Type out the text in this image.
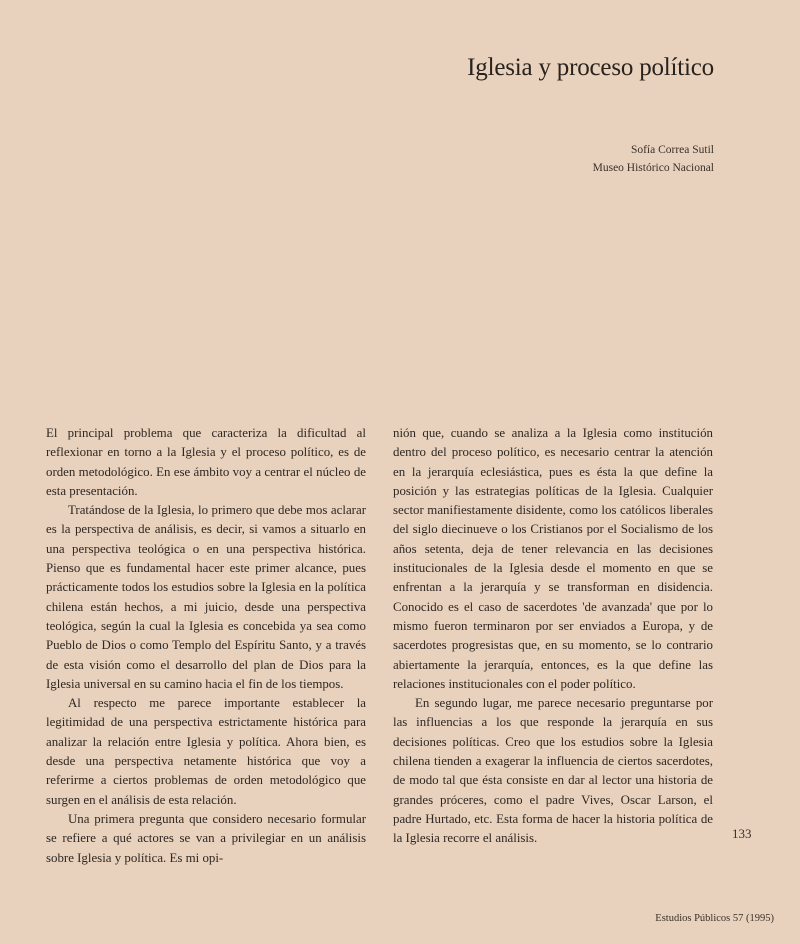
Iglesia y proceso político
Sofía Correa Sutil
Museo Histórico Nacional

El principal problema que caracteriza la dificultad al reflexionar en torno a la Iglesia y el proceso político, es de orden metodológico. En ese ámbito voy a centrar el núcleo de esta presentación.

Tratándose de la Iglesia, lo primero que debe mos aclarar es la perspectiva de análisis, es decir, si vamos a situarlo en una perspectiva teológica o en una perspectiva histórica. Pienso que es fundamental hacer este primer alcance, pues prácticamente todos los estudios sobre la Iglesia en la política chilena están hechos, a mi juicio, desde una perspectiva teológica, según la cual la Iglesia es concebida ya sea como Pueblo de Dios o como Templo del Espíritu Santo, y a través de esta visión como el desarrollo del plan de Dios para la Iglesia universal en su camino hacia el fin de los tiempos.

Al respecto me parece importante establecer la legitimidad de una perspectiva estrictamente histórica para analizar la relación entre Iglesia y política. Ahora bien, es desde una perspectiva netamente histórica que voy a referirme a ciertos problemas de orden metodológico que surgen en el análisis de esta relación.

Una primera pregunta que considero necesario formular se refiere a qué actores se van a privilegiar en un análisis sobre Iglesia y política. Es mi opi-

nión que, cuando se analiza a la Iglesia como institución dentro del proceso político, es necesario centrar la atención en la jerarquía eclesiástica, pues es ésta la que define la posición y las estrategias políticas de la Iglesia. Cualquier sector manifiestamente disidente, como los católicos liberales del siglo diecinueve o los Cristianos por el Socialismo de los años setenta, deja de tener relevancia en las decisiones institucionales de la Iglesia desde el momento en que se enfrentan a la jerarquía y se transforman en disidencia. Conocido es el caso de sacerdotes 'de avanzada' que por lo mismo fueron terminaron por ser enviados a Europa, y de sacerdotes progresistas que, en su momento, se lo contrario abiertamente la jerarquía, entonces, es la que define las relaciones institucionales con el poder político.

En segundo lugar, me parece necesario preguntarse por las influencias a los que responde la jerarquía en sus decisiones políticas. Creo que los estudios sobre la Iglesia chilena tienden a exagerar la influencia de ciertos sacerdotes, de modo tal que ésta consiste en dar al lector una historia de grandes próceres, como el padre Vives, Oscar Larson, el padre Hurtado, etc. Esta forma de hacer la historia política de la Iglesia recorre el análisis.	133
Estudios Públicos 57 (1995)
